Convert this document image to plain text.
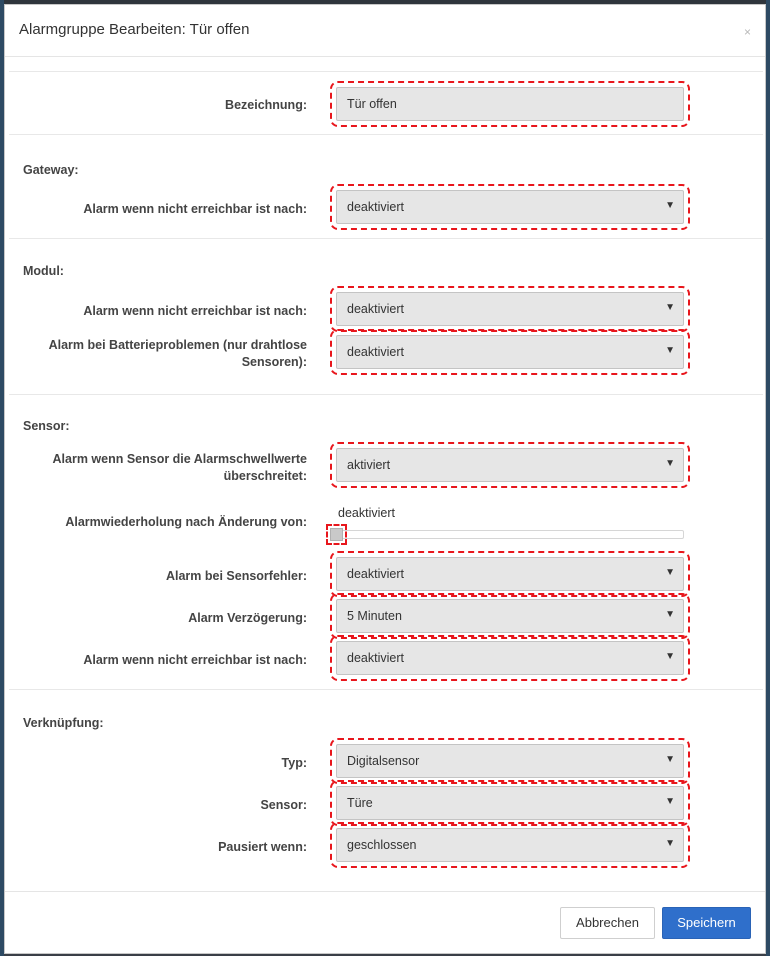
Alarmgruppe Bearbeiten: Tür offen	×
Bezeichnung:	Tür offen
Gateway:
Alarm wenn nicht erreichbar ist nach:	deaktiviert	▼
Modul:
Alarm wenn nicht erreichbar ist nach:	deaktiviert	▼
Alarm bei Batterieproblemen (nur drahtlose
Sensoren):
deaktiviert	▼
Sensor:
Alarm wenn Sensor die Alarmschwellwerte
überschreitet:
aktiviert	▼
Alarmwiederholung nach Änderung von:
deaktiviert
Alarm bei Sensorfehler:	deaktiviert	▼
Alarm Verzögerung:	5 Minuten	▼
Alarm wenn nicht erreichbar ist nach:	deaktiviert	▼
Verknüpfung:
Typ:	Digitalsensor	▼
Sensor:	Türe	▼
Pausiert wenn:	geschlossen	▼
Abbrechen	Speichern
